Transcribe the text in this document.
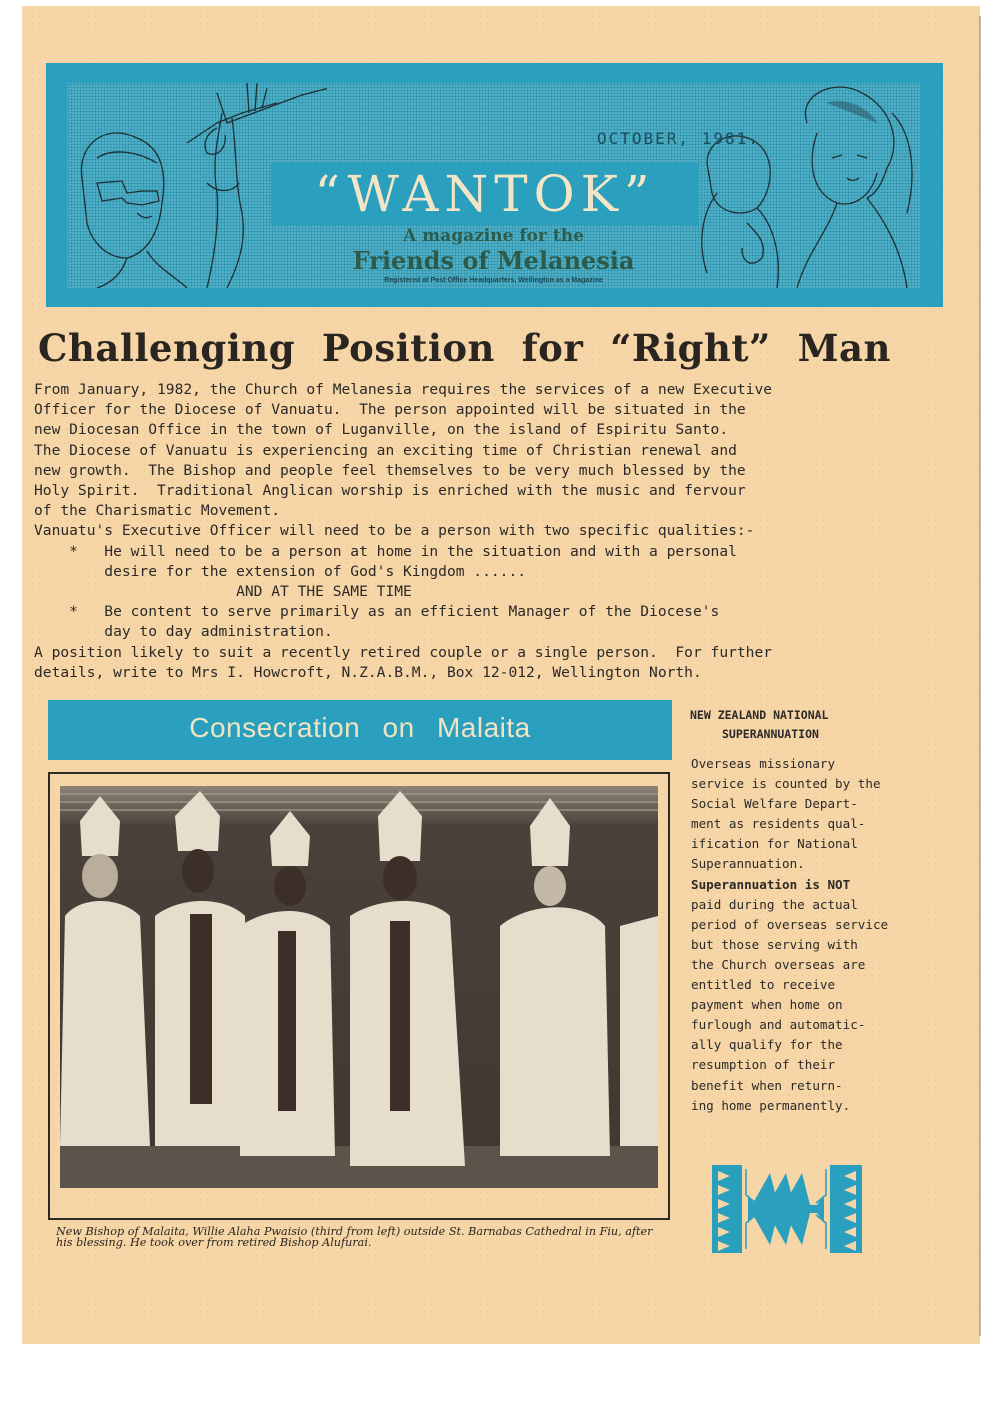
OCTOBER, 1981.
“WANTOK”
A magazine for the
Friends of Melanesia
Registered at Post Office Headquarters, Wellington as a Magazine
Challenging  Position  for  “Right”  Man
From January, 1982, the Church of Melanesia requires the services of a new Executive
Officer for the Diocese of Vanuatu.  The person appointed will be situated in the
new Diocesan Office in the town of Luganville, on the island of Espiritu Santo.
The Diocese of Vanuatu is experiencing an exciting time of Christian renewal and
new growth.  The Bishop and people feel themselves to be very much blessed by the
Holy Spirit.  Traditional Anglican worship is enriched with the music and fervour
of the Charismatic Movement.
Vanuatu's Executive Officer will need to be a person with two specific qualities:-
*   He will need to be a person at home in the situation and with a personal
desire for the extension of God's Kingdom ......
AND AT THE SAME TIME
*   Be content to serve primarily as an efficient Manager of the Diocese's
day to day administration.
A position likely to suit a recently retired couple or a single person.  For further
details, write to Mrs I. Howcroft, N.Z.A.B.M., Box 12-012, Wellington North.
Consecration on Malaita
New Bishop of Malaita, Willie Alaha Pwaisio (third from left) outside St. Barnabas Cathedral in Fiu, after his blessing. He took over from retired Bishop Alufurai.
NEW ZEALAND NATIONAL
SUPERANNUATION
Overseas missionary
service is counted by the
Social Welfare Depart-
ment as residents qual-
ification for National
Superannuation.
Superannuation is NOT
paid during the actual
period of overseas service
but those serving with
the Church overseas are
entitled to receive
payment when home on
furlough and automatic-
ally qualify for the
resumption of their
benefit when return-
ing home permanently.
